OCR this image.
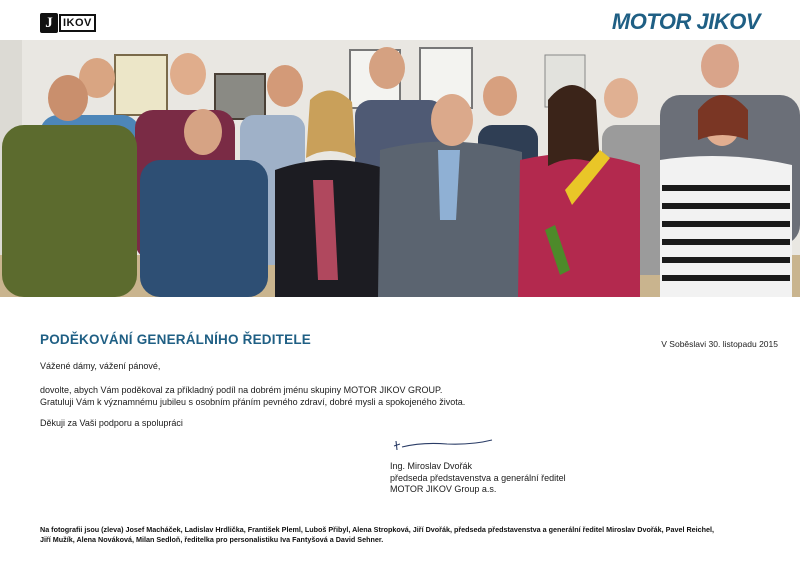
J IKOV	MOTOR JIKOV
PODĚKOVÁNÍ GENERÁLNÍHO ŘEDITELE	V Soběslavi 30. listopadu 2015
Vážené dámy, vážení pánové,
dovolte, abych Vám poděkoval za příkladný podíl na dobrém jménu skupiny MOTOR JIKOV GROUP.
Gratuluji Vám k významnému jubileu s osobním přáním pevného zdraví, dobré mysli a spokojeného života.
Děkuji za Vaši podporu a spolupráci
Ing. Miroslav Dvořák
předseda představenstva a generální ředitel
MOTOR JIKOV Group a.s.
Na fotografii jsou (zleva) Josef Macháček, Ladislav Hrdlička, František Pleml, Luboš Přibyl, Alena Stropková, Jiří Dvořák, předseda představenstva a generální ředitel Miroslav Dvořák, Pavel Reichel,
Jiří Mužík, Alena Nováková, Milan Sedloň, ředitelka pro personalistiku Iva Fantyšová a David Sehner.
